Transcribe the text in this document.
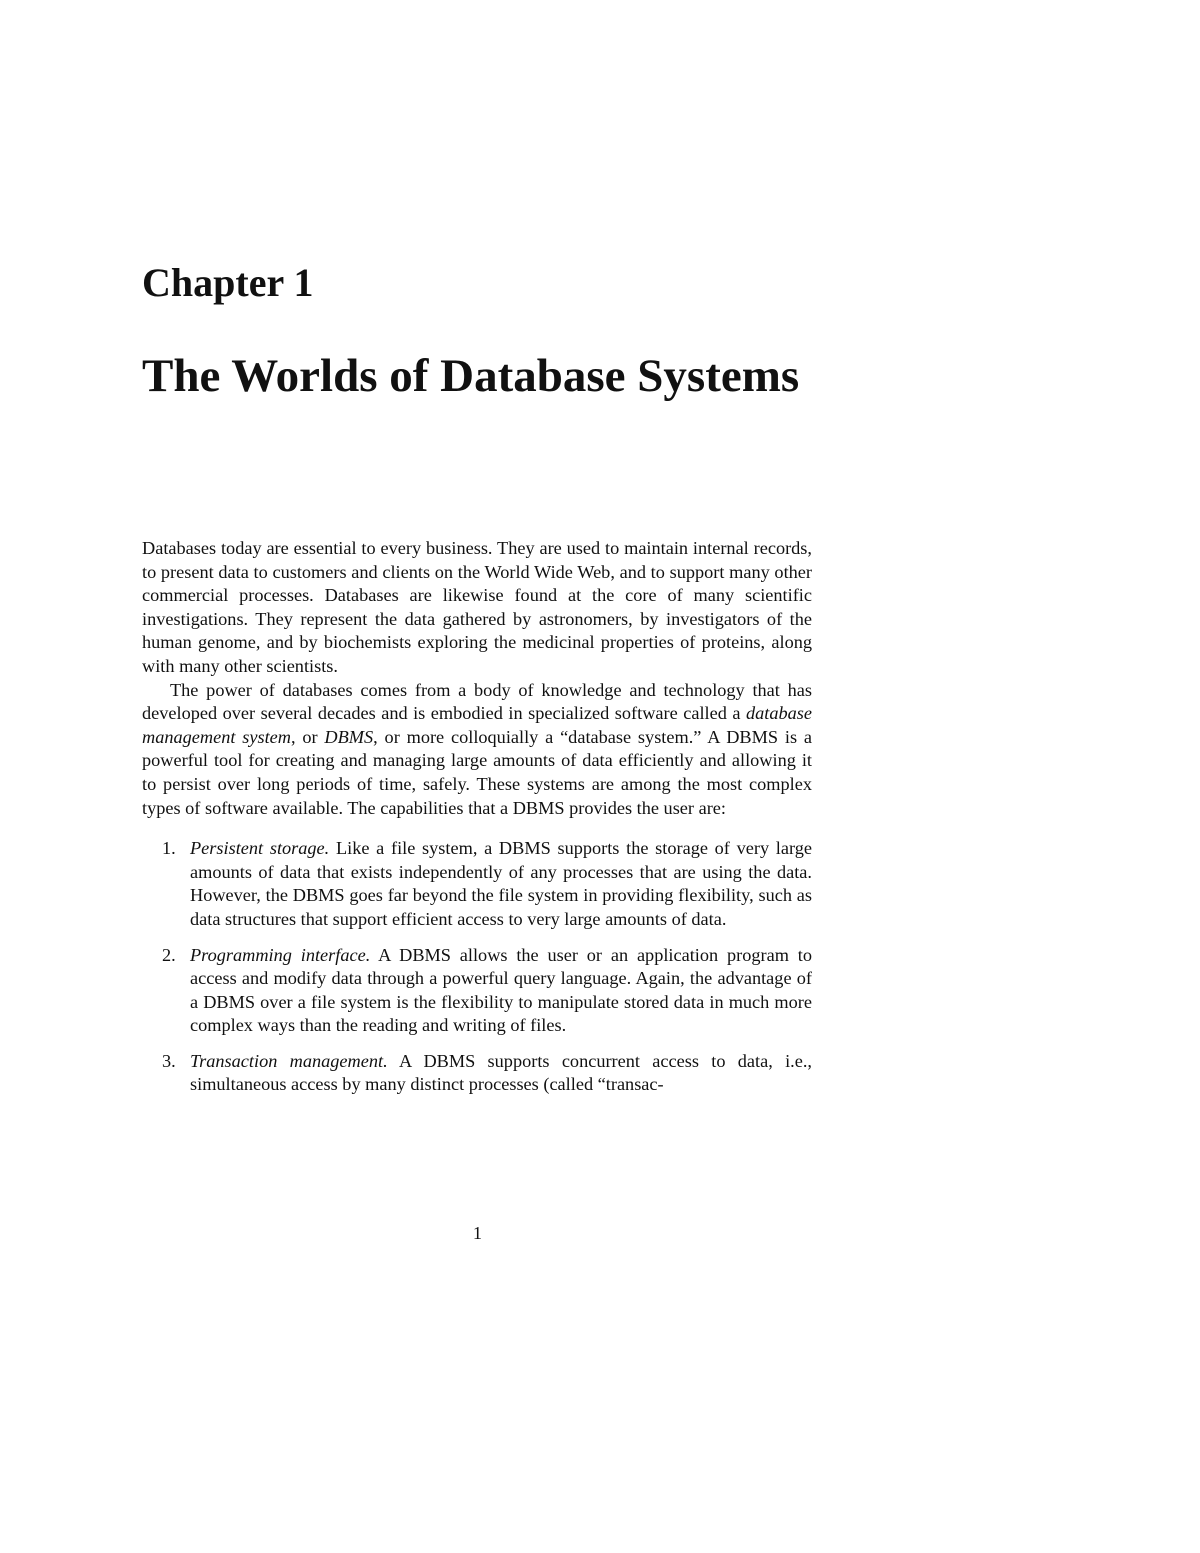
Chapter 1
The Worlds of Database Systems

Databases today are essential to every business. They are used to maintain internal records, to present data to customers and clients on the World Wide Web, and to support many other commercial processes. Databases are likewise found at the core of many scientific investigations. They represent the data gathered by astronomers, by investigators of the human genome, and by biochemists exploring the medicinal properties of proteins, along with many other scientists.

The power of databases comes from a body of knowledge and technology that has developed over several decades and is embodied in specialized software called a database management system, or DBMS, or more colloquially a “database system.” A DBMS is a powerful tool for creating and managing large amounts of data efficiently and allowing it to persist over long periods of time, safely. These systems are among the most complex types of software available. The capabilities that a DBMS provides the user are:

1. Persistent storage. Like a file system, a DBMS supports the storage of very large amounts of data that exists independently of any processes that are using the data. However, the DBMS goes far beyond the file system in providing flexibility, such as data structures that support efficient access to very large amounts of data.
2. Programming interface. A DBMS allows the user or an application program to access and modify data through a powerful query language. Again, the advantage of a DBMS over a file system is the flexibility to manipulate stored data in much more complex ways than the reading and writing of files.
3. Transaction management. A DBMS supports concurrent access to data, i.e., simultaneous access by many distinct processes (called “transac-
1
